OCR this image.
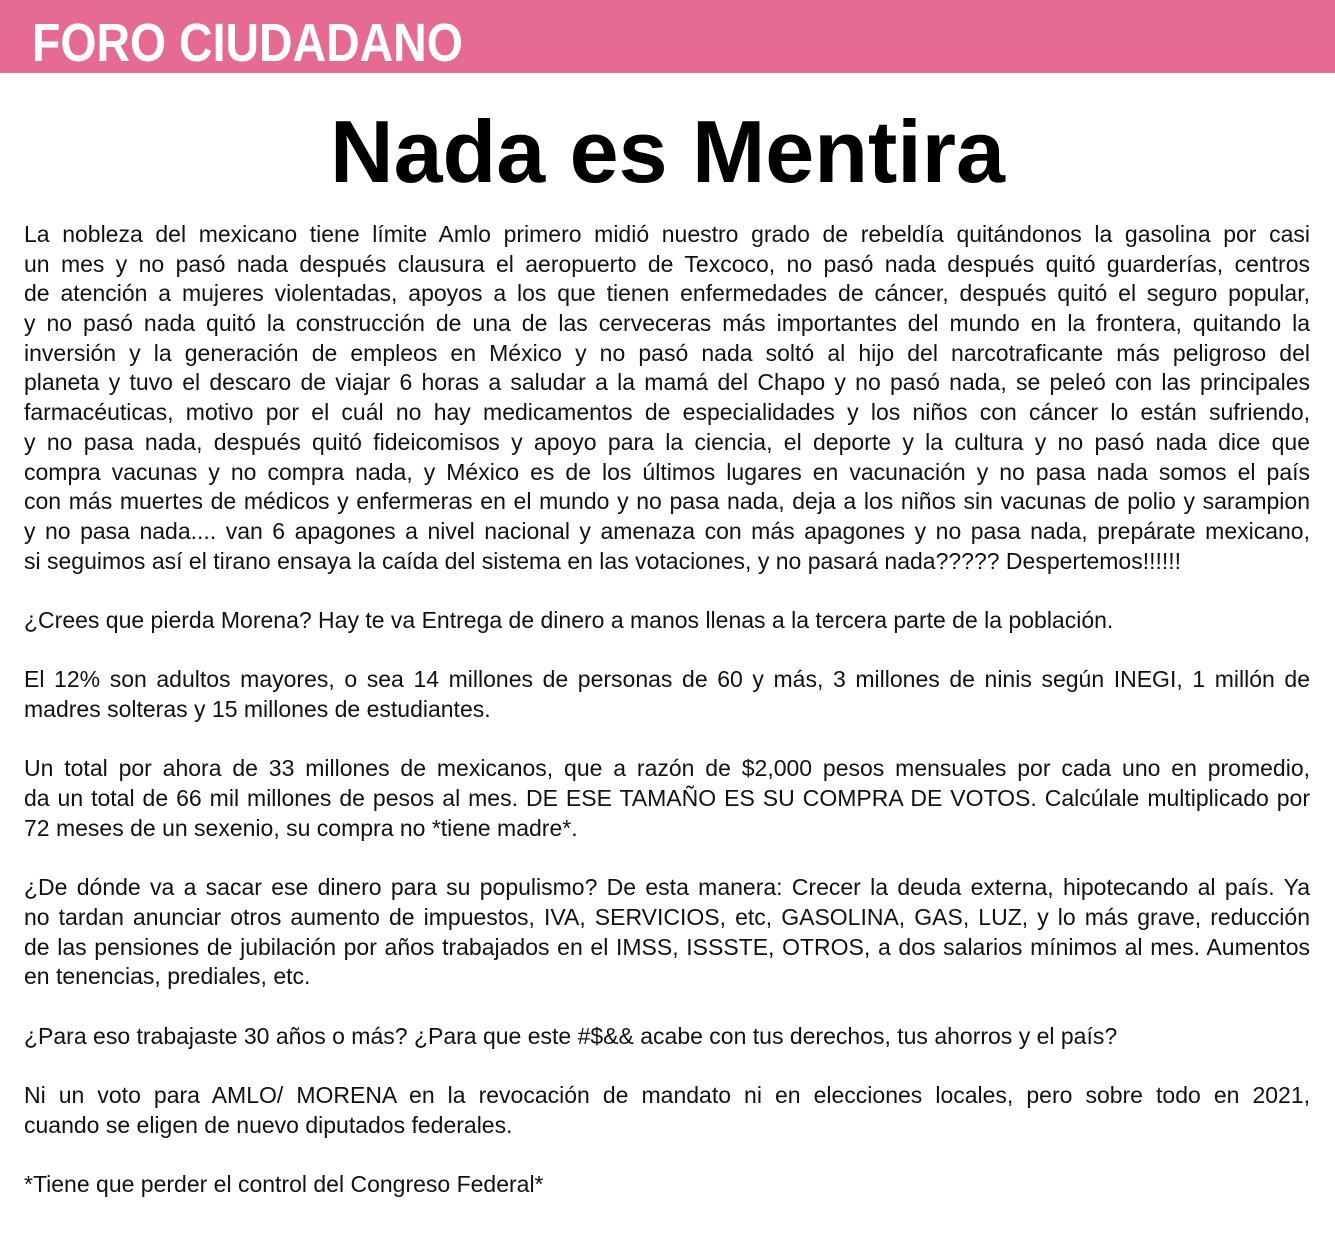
FORO CIUDADANO
Nada es Mentira
La nobleza del mexicano tiene límite Amlo primero midió nuestro grado de rebeldía quitándonos la gasolina por casi
un mes y no pasó nada después clausura el aeropuerto de Texcoco, no pasó nada después quitó guarderías, centros
de atención a mujeres violentadas, apoyos a los que tienen enfermedades de cáncer, después quitó el seguro popular,
y no pasó nada quitó la construcción de una de las cerveceras más importantes del mundo en la frontera, quitando la
inversión y la generación de empleos en México y no pasó nada soltó al hijo del narcotraficante más peligroso del
planeta y tuvo el descaro de viajar 6 horas a saludar a la mamá del Chapo y no pasó nada, se peleó con las principales
farmacéuticas, motivo por el cuál no hay medicamentos de especialidades y los niños con cáncer lo están sufriendo,
y no pasa nada, después quitó fideicomisos y apoyo para la ciencia, el deporte y la cultura y no pasó nada dice que
compra vacunas y no compra nada, y México es de los últimos lugares en vacunación y no pasa nada somos el país
con más muertes de médicos y enfermeras en el mundo y no pasa nada, deja a los niños sin vacunas de polio y sarampion
y no pasa nada.... van 6 apagones a nivel nacional y amenaza con más apagones y no pasa nada, prepárate mexicano,
si seguimos así el tirano ensaya la caída del sistema en las votaciones, y no pasará nada????? Despertemos!!!!!!
¿Crees que pierda Morena? Hay te va Entrega de dinero a manos llenas a la tercera parte de la población.
El 12% son adultos mayores, o sea 14 millones de personas de 60 y más, 3 millones de ninis según INEGI, 1 millón de
madres solteras y 15 millones de estudiantes.
Un total por ahora de 33 millones de mexicanos, que a razón de $2,000 pesos mensuales por cada uno en promedio,
da un total de 66 mil millones de pesos al mes. DE ESE TAMAÑO ES SU COMPRA DE VOTOS. Calcúlale multiplicado por
72 meses de un sexenio, su compra no *tiene madre*.
¿De dónde va a sacar ese dinero para su populismo? De esta manera: Crecer la deuda externa, hipotecando al país. Ya
no tardan anunciar otros aumento de impuestos, IVA, SERVICIOS, etc, GASOLINA, GAS, LUZ, y lo más grave, reducción
de las pensiones de jubilación por años trabajados en el IMSS, ISSSTE, OTROS, a dos salarios mínimos al mes. Aumentos
en tenencias, prediales, etc.
¿Para eso trabajaste 30 años o más? ¿Para que este #$&& acabe con tus derechos, tus ahorros y el país?
Ni un voto para AMLO/ MORENA en la revocación de mandato ni en elecciones locales, pero sobre todo en 2021,
cuando se eligen de nuevo diputados federales.
*Tiene que perder el control del Congreso Federal*
